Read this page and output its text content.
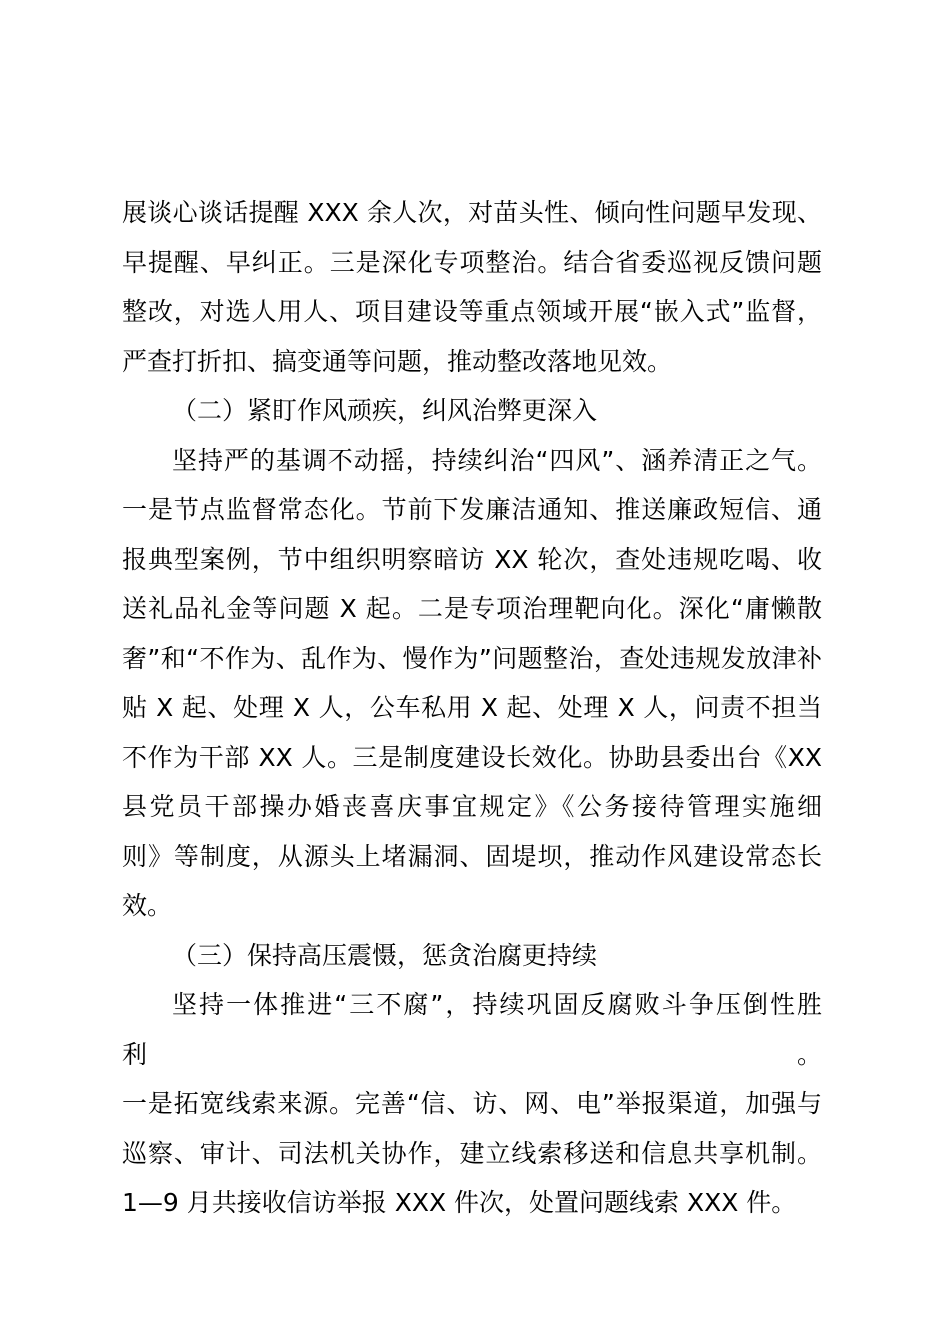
展谈心谈话提醒 XXX 余人次，对苗头性、倾向性问题早发现、
早提醒、早纠正。三是深化专项整治。结合省委巡视反馈问题
整改，对选人用人、项目建设等重点领域开展“嵌入式”监督，
严查打折扣、搞变通等问题，推动整改落地见效。
（二）紧盯作风顽疾，纠风治弊更深入
坚持严的基调不动摇，持续纠治“四风”、涵养清正之气。
一是节点监督常态化。节前下发廉洁通知、推送廉政短信、通
报典型案例，节中组织明察暗访 XX 轮次，查处违规吃喝、收
送礼品礼金等问题 X 起。二是专项治理靶向化。深化“庸懒散
奢”和“不作为、乱作为、慢作为”问题整治，查处违规发放津补
贴 X 起、处理 X 人，公车私用 X 起、处理 X 人，问责不担当
不作为干部 XX 人。三是制度建设长效化。协助县委出台《XX
县党员干部操办婚丧喜庆事宜规定》《公务接待管理实施细
则》等制度，从源头上堵漏洞、固堤坝，推动作风建设常态长
效。
（三）保持高压震慑，惩贪治腐更持续
坚持一体推进“三不腐”，持续巩固反腐败斗争压倒性胜利。
一是拓宽线索来源。完善“信、访、网、电”举报渠道，加强与
巡察、审计、司法机关协作，建立线索移送和信息共享机制。
1—9 月共接收信访举报 XXX 件次，处置问题线索 XXX 件。
